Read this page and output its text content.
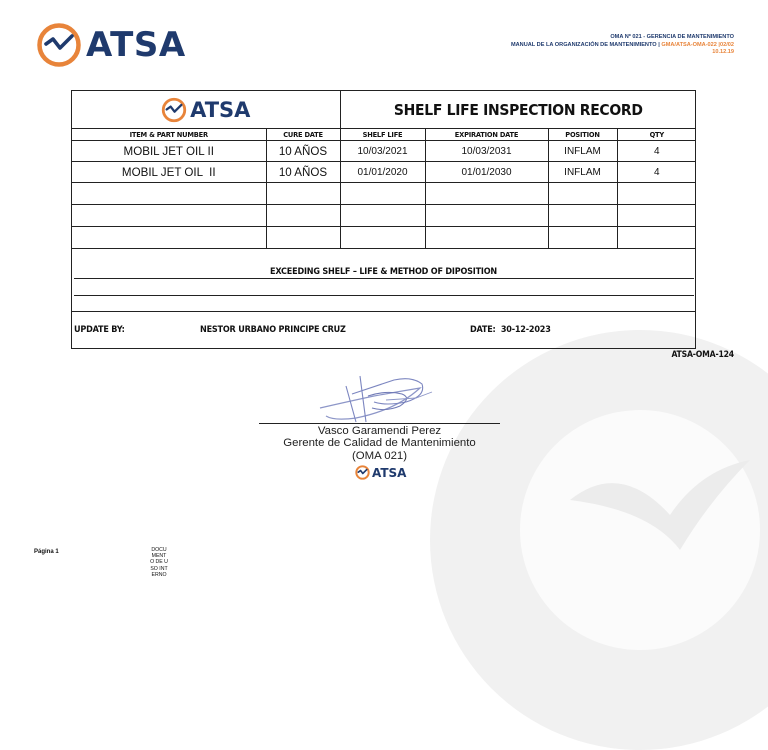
ATSA	OMA Nº 021 - GERENCIA DE MANTENIMIENTO
MANUAL DE LA ORGANIZACIÓN DE MANTENIMIENTO | GMA/ATSA-OMA-022 |02/02
10.12.19
ATSA		SHELF LIFE INSPECTION RECORD			
ITEM & PART NUMBER	CURE DATE	SHELF LIFE	EXPIRATION DATE	POSITION	QTY
MOBIL JET OIL II	10 AÑOS	10/03/2021	10/03/2031	INFLAM	4
MOBIL JET OIL  II	10 AÑOS	01/01/2020	01/01/2030	INFLAM	4

EXCEEDING SHELF – LIFE & METHOD OF DIPOSITION
UPDATE BY:	NESTOR URBANO PRINCIPE CRUZ	DATE: 30-12-2023
ATSA-OMA-124
Vasco Garamendi Perez
Gerente de Calidad de Mantenimiento
(OMA 021)
ATSA
Página 1	DOCUMENTO DE USO INTERNO
